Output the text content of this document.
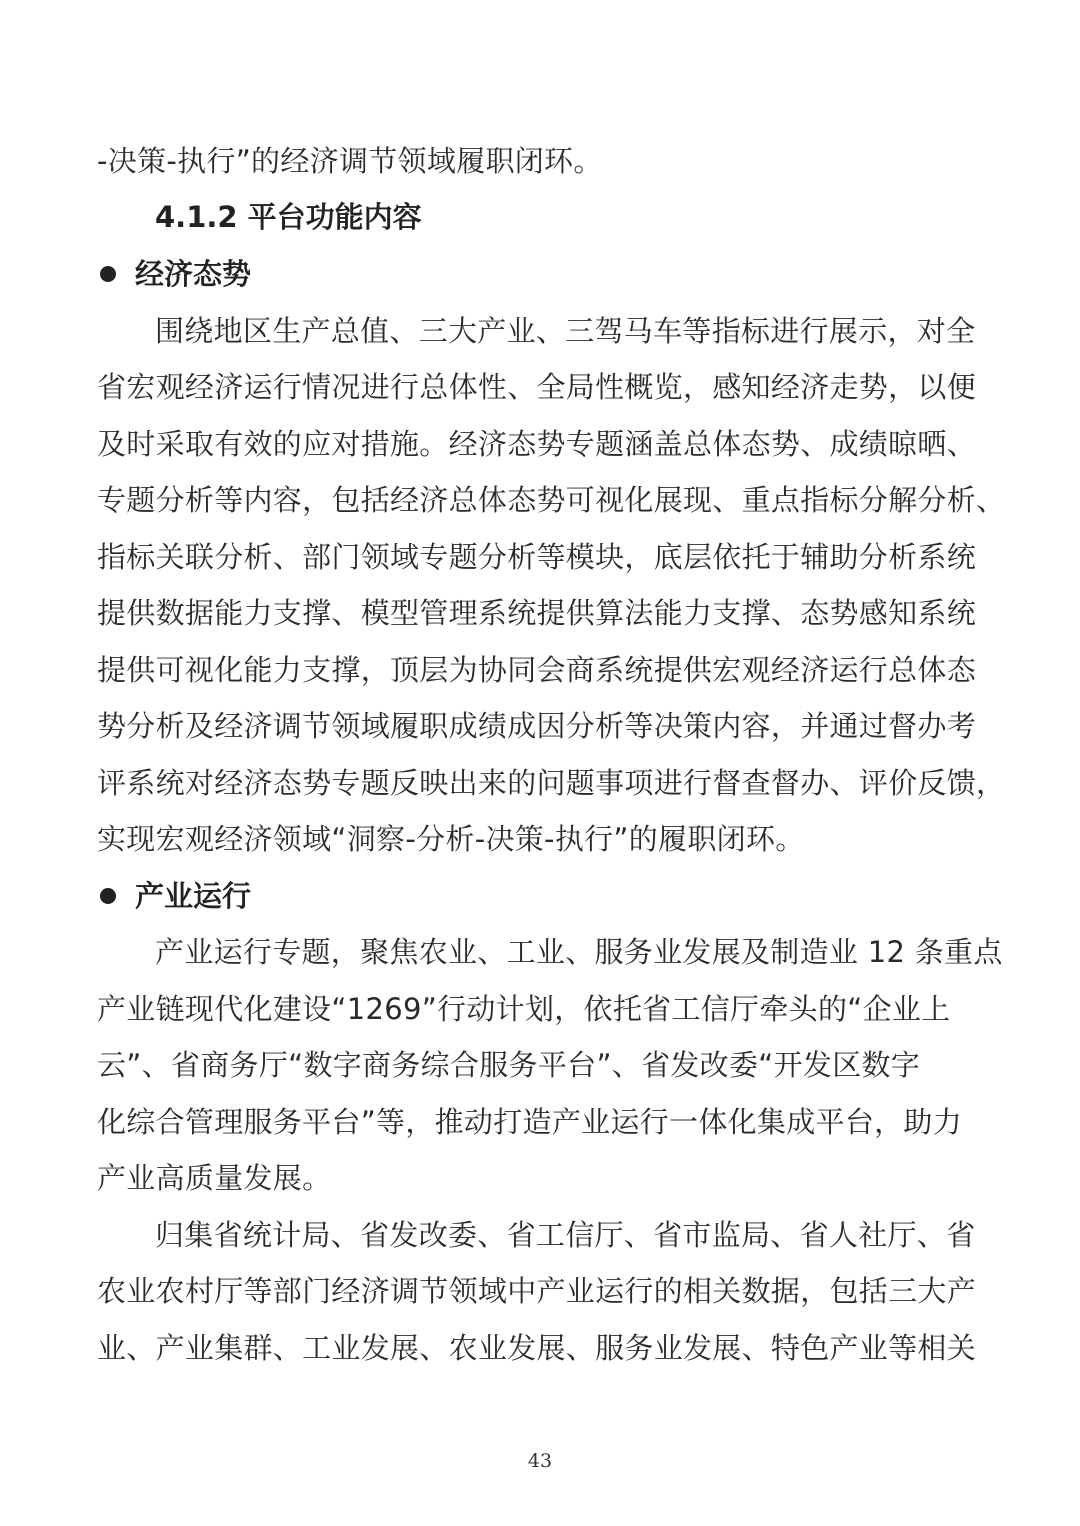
-决策-执行”的经济调节领域履职闭环。
4.1.2 平台功能内容
经济态势
围绕地区生产总值、三大产业、三驾马车等指标进行展示，对全
省宏观经济运行情况进行总体性、全局性概览，感知经济走势，以便
及时采取有效的应对措施。经济态势专题涵盖总体态势、成绩晾晒、
专题分析等内容，包括经济总体态势可视化展现、重点指标分解分析、
指标关联分析、部门领域专题分析等模块，底层依托于辅助分析系统
提供数据能力支撑、模型管理系统提供算法能力支撑、态势感知系统
提供可视化能力支撑，顶层为协同会商系统提供宏观经济运行总体态
势分析及经济调节领域履职成绩成因分析等决策内容，并通过督办考
评系统对经济态势专题反映出来的问题事项进行督查督办、评价反馈，
实现宏观经济领域“洞察-分析-决策-执行”的履职闭环。
产业运行
产业运行专题，聚焦农业、工业、服务业发展及制造业 12 条重点
产业链现代化建设“1269”行动计划，依托省工信厅牵头的“企业上
云”、省商务厅“数字商务综合服务平台”、省发改委“开发区数字
化综合管理服务平台”等，推动打造产业运行一体化集成平台，助力
产业高质量发展。
归集省统计局、省发改委、省工信厅、省市监局、省人社厅、省
农业农村厅等部门经济调节领域中产业运行的相关数据，包括三大产
业、产业集群、工业发展、农业发展、服务业发展、特色产业等相关
43
